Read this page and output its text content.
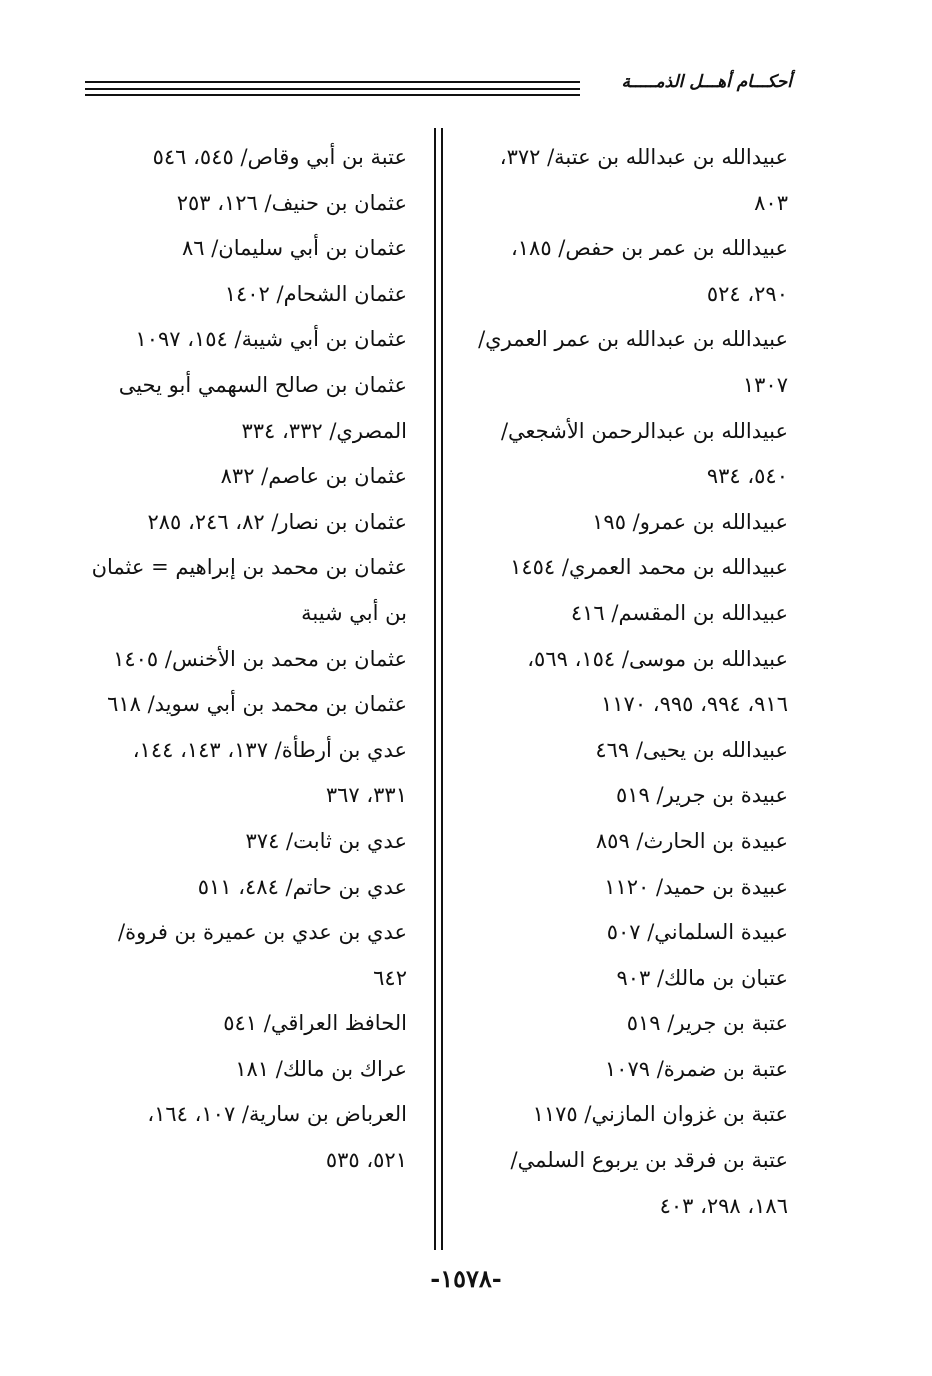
أحكـــام أهـــل الذمـــــة
عبيدالله بن عبدالله بن عتبة/ ٣٧٢،
٨٠٣
عبيدالله بن عمر بن حفص/ ١٨٥،
٢٩٠، ٥٢٤
عبيدالله بن عبدالله بن عمر العمري/
١٣٠٧
عبيدالله بن عبدالرحمن الأشجعي/
٥٤٠، ٩٣٤
عبيدالله بن عمرو/ ١٩٥
عبيدالله بن محمد العمري/ ١٤٥٤
عبيدالله بن المقسم/ ٤١٦
عبيدالله بن موسى/ ١٥٤، ٥٦٩،
٩١٦، ٩٩٤، ٩٩٥، ١١٧٠
عبيدالله بن يحيى/ ٤٦٩
عبيدة بن جرير/ ٥١٩
عبيدة بن الحارث/ ٨٥٩
عبيدة بن حميد/ ١١٢٠
عبيدة السلماني/ ٥٠٧
عتبان بن مالك/ ٩٠٣
عتبة بن جرير/ ٥١٩
عتبة بن ضمرة/ ١٠٧٩
عتبة بن غزوان المازني/ ١١٧٥
عتبة بن فرقد بن يربوع السلمي/
١٨٦، ٢٩٨، ٤٠٣
عتبة بن أبي وقاص/ ٥٤٥، ٥٤٦
عثمان بن حنيف/ ١٢٦، ٢٥٣
عثمان بن أبي سليمان/ ٨٦
عثمان الشحام/ ١٤٠٢
عثمان بن أبي شيبة/ ١٥٤، ١٠٩٧
عثمان بن صالح السهمي أبو يحيى
المصري/ ٣٣٢، ٣٣٤
عثمان بن عاصم/ ٨٣٢
عثمان بن نصار/ ٨٢، ٢٤٦، ٢٨٥
عثمان بن محمد بن إبراهيم = عثمان
بن أبي شيبة
عثمان بن محمد بن الأخنس/ ١٤٠٥
عثمان بن محمد بن أبي سويد/ ٦١٨
عدي بن أرطأة/ ١٣٧، ١٤٣، ١٤٤،
٣٣١، ٣٦٧
عدي بن ثابت/ ٣٧٤
عدي بن حاتم/ ٤٨٤، ٥١١
عدي بن عدي بن عميرة بن فروة/
٦٤٢
الحافظ العراقي/ ٥٤١
عراك بن مالك/ ١٨١
العرباض بن سارية/ ١٠٧، ١٦٤،
٥٢١، ٥٣٥
-١٥٧٨-
